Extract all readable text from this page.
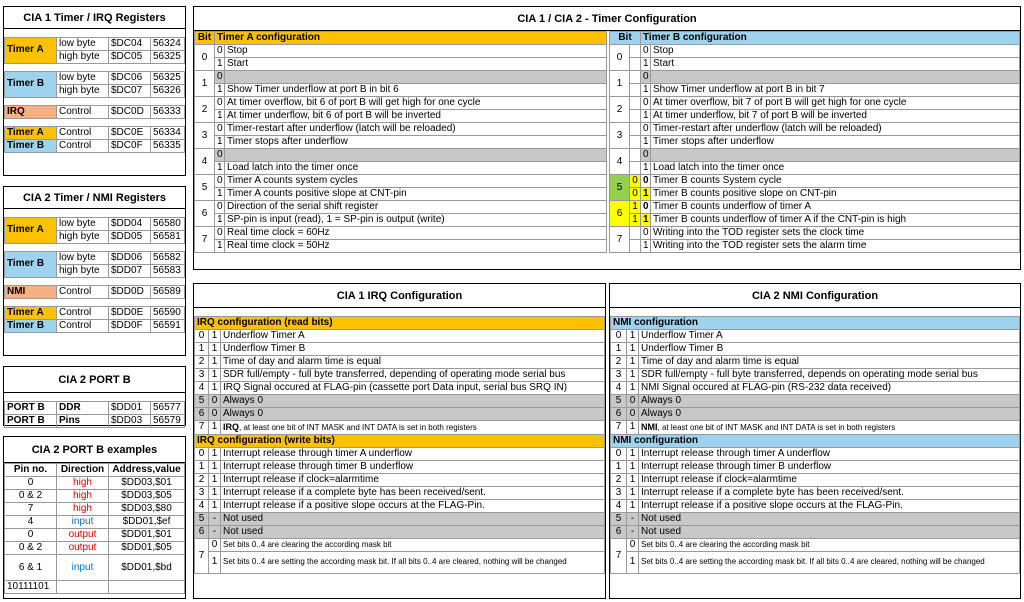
CIA 1 Timer / IRQ Registers

Timer A	low byte	$DC04	56324
	high byte	$DC05	56325

Timer B	low byte	$DC06	56325
	high byte	$DC07	56326

IRQ	Control	$DC0D	56333

Timer A	Control	$DC0E	56334
Timer B	Control	$DC0F	56335
CIA 2 Timer / NMI Registers

Timer A	low byte	$DD04	56580
	high byte	$DD05	56581

Timer B	low byte	$DD06	56582
	high byte	$DD07	56583

NMI	Control	$DD0D	56589

Timer A	Control	$DD0E	56590
Timer B	Control	$DD0F	56591
CIA 2 PORT B

PORT B	DDR	$DD01	56577
PORT B	Pins	$DD03	56579
CIA 2 PORT B examples
Pin no.	Direction	Address,value
0	high	$DD03,$01
0 & 2	high	$DD03,$05
7	high	$DD03,$80
4	input	$DD01,$ef
0	output	$DD01,$01
0 & 2	output	$DD01,$05
6 & 1	input	$DD01,$bd
10111101		
CIA 1 / CIA 2 - Timer Configuration
Bit	Timer A configuration	
0	0	Stop
	1	Start
1	0	
	1	Show Timer underflow at port B in bit 6
2	0	At timer overflow, bit 6 of port B will get high for one cycle
	1	At timer underflow, bit 6 of port B will be inverted
3	0	Timer-restart after underflow (latch will be reloaded)
	1	Timer stops after underflow
4	0	
	1	Load latch into the timer once
5	0	Timer A counts system cycles
	1	Timer A counts positive slope at CNT-pin
6	0	Direction of the serial shift register
	1	SP-pin is input (read), 1 = SP-pin is output (write)
7	0	Real time clock = 60Hz
	1	Real time clock = 50Hz
Bit		Timer B configuration	
0		0	Stop
		1	Start
1		0	
		1	Show Timer underflow at port B in bit 7
2		0	At timer overflow, bit 7 of port B will get high for one cycle
		1	At timer underflow, bit 7 of port B will be inverted
3		0	Timer-restart after underflow (latch will be reloaded)
		1	Timer stops after underflow
4		0	
		1	Load latch into the timer once
5	0	0	Timer B counts System cycle
	0	1	Timer B counts positive slope on CNT-pin
6	1	0	Timer B counts underflow of timer A
	1	1	Timer B counts underflow of timer A if the CNT-pin is high
7		0	Writing into the TOD register sets the clock time
		1	Writing into the TOD register sets the alarm time
CIA 1 IRQ Configuration

IRQ configuration (read bits)		
0	1	Underflow Timer A
1	1	Underflow Timer B
2	1	Time of day and alarm time is equal
3	1	SDR full/empty - full byte transferred, depending of operating mode serial bus
4	1	IRQ Signal occured at FLAG-pin (cassette port Data input, serial bus SRQ IN)
5	0	Always 0
6	0	Always 0
7	1	IRQ, at least one bit of INT MASK and INT DATA is set in both registers
IRQ configuration (write bits)		
0	1	Interrupt release through timer A underflow
1	1	Interrupt release through timer B underflow
2	1	Interrupt release if clock=alarmtime
3	1	Interrupt release if a complete byte has been received/sent.
4	1	Interrupt release if a positive slope occurs at the FLAG-Pin.
5	-	Not used
6	-	Not used
7	0	Set bits 0..4 are clearing the according mask bit
	1	Set bits 0..4 are setting the according mask bit. If all bits 0..4 are cleared, nothing will be changed
CIA 2 NMI Configuration

NMI configuration		
0	1	Underflow Timer A
1	1	Underflow Timer B
2	1	Time of day and alarm time is equal
3	1	SDR full/empty - full byte transferred, depends on operating mode serial bus
4	1	NMI Signal occured at FLAG-pin (RS-232 data received)
5	0	Always 0
6	0	Always 0
7	1	NMI, at least one bit of INT MASK and INT DATA is set in both registers
NMI configuration		
0	1	Interrupt release through timer A underflow
1	1	Interrupt release through timer B underflow
2	1	Interrupt release if clock=alarmtime
3	1	Interrupt release if a complete byte has been received/sent.
4	1	Interrupt release if a positive slope occurs at the FLAG-Pin.
5	-	Not used
6	-	Not used
7	0	Set bits 0..4 are clearing the according mask bit
	1	Set bits 0..4 are setting the according mask bit. If all bits 0..4 are cleared, nothing will be changed
